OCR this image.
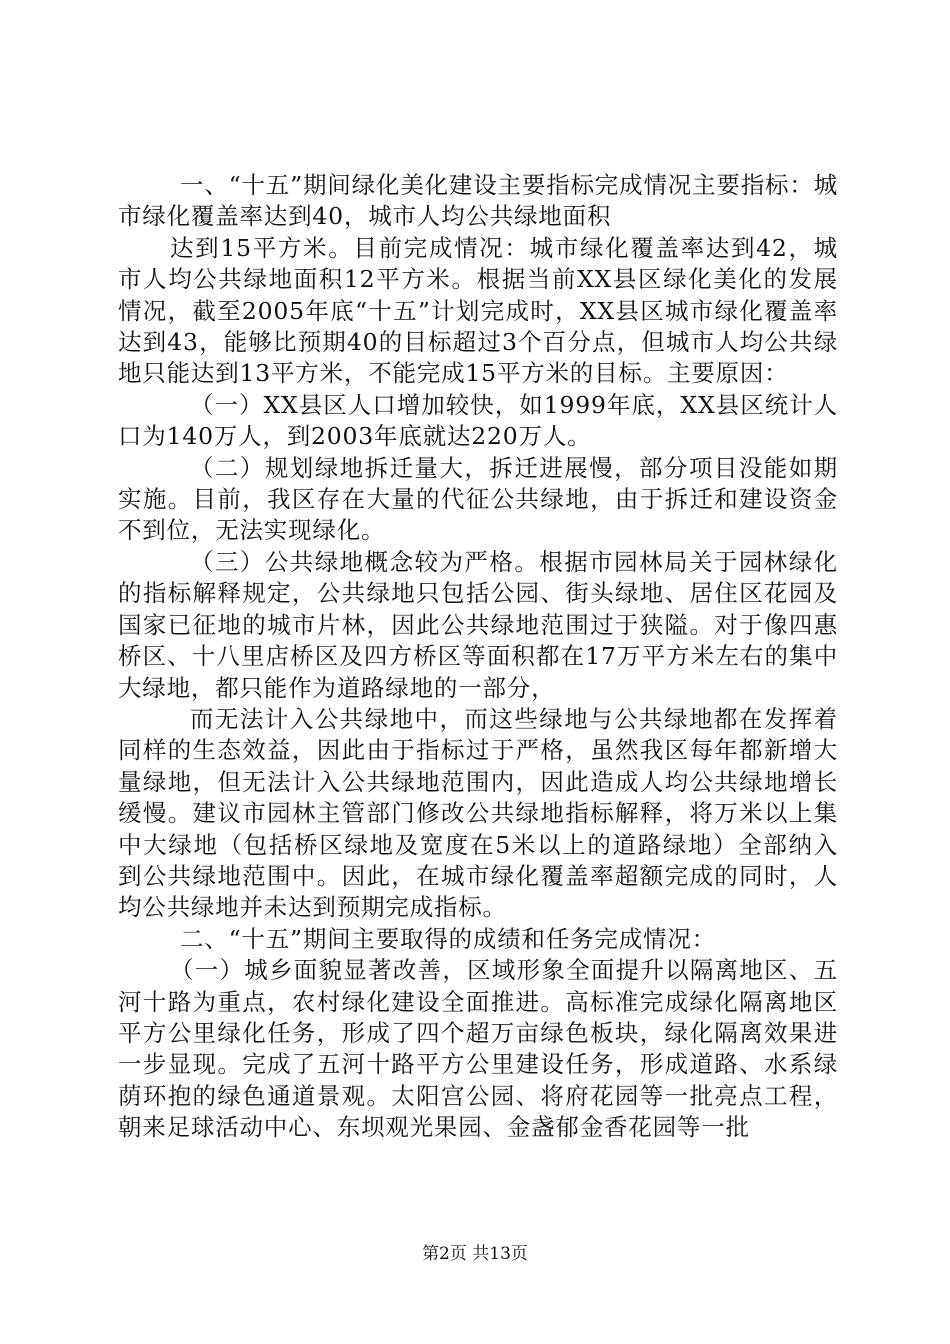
一、“十五”期间绿化美化建设主要指标完成情况主要指标：城市绿化覆盖率达到40，城市人均公共绿地面积

达到15平方米。目前完成情况：城市绿化覆盖率达到42，城市人均公共绿地面积12平方米。根据当前XX县区绿化美化的发展情况，截至2005年底“十五”计划完成时，XX县区城市绿化覆盖率达到43，能够比预期40的目标超过3个百分点，但城市人均公共绿地只能达到13平方米，不能完成15平方米的目标。主要原因：

（一）XX县区人口增加较快，如1999年底，XX县区统计人口为140万人，到2003年底就达220万人。

（二）规划绿地拆迁量大，拆迁进展慢，部分项目没能如期实施。目前，我区存在大量的代征公共绿地，由于拆迁和建设资金不到位，无法实现绿化。

（三）公共绿地概念较为严格。根据市园林局关于园林绿化的指标解释规定，公共绿地只包括公园、街头绿地、居住区花园及国家已征地的城市片林，因此公共绿地范围过于狭隘。对于像四惠桥区、十八里店桥区及四方桥区等面积都在17万平方米左右的集中大绿地，都只能作为道路绿地的一部分，

而无法计入公共绿地中，而这些绿地与公共绿地都在发挥着同样的生态效益，因此由于指标过于严格，虽然我区每年都新增大量绿地，但无法计入公共绿地范围内，因此造成人均公共绿地增长缓慢。建议市园林主管部门修改公共绿地指标解释，将万米以上集中大绿地（包括桥区绿地及宽度在5米以上的道路绿地）全部纳入到公共绿地范围中。因此，在城市绿化覆盖率超额完成的同时，人均公共绿地并未达到预期完成指标。

二、“十五”期间主要取得的成绩和任务完成情况：

（一）城乡面貌显著改善，区域形象全面提升以隔离地区、五河十路为重点，农村绿化建设全面推进。高标准完成绿化隔离地区平方公里绿化任务，形成了四个超万亩绿色板块，绿化隔离效果进一步显现。完成了五河十路平方公里建设任务，形成道路、水系绿荫环抱的绿色通道景观。太阳宫公园、将府花园等一批亮点工程，朝来足球活动中心、东坝观光果园、金盏郁金香花园等一批

第2页 共13页
